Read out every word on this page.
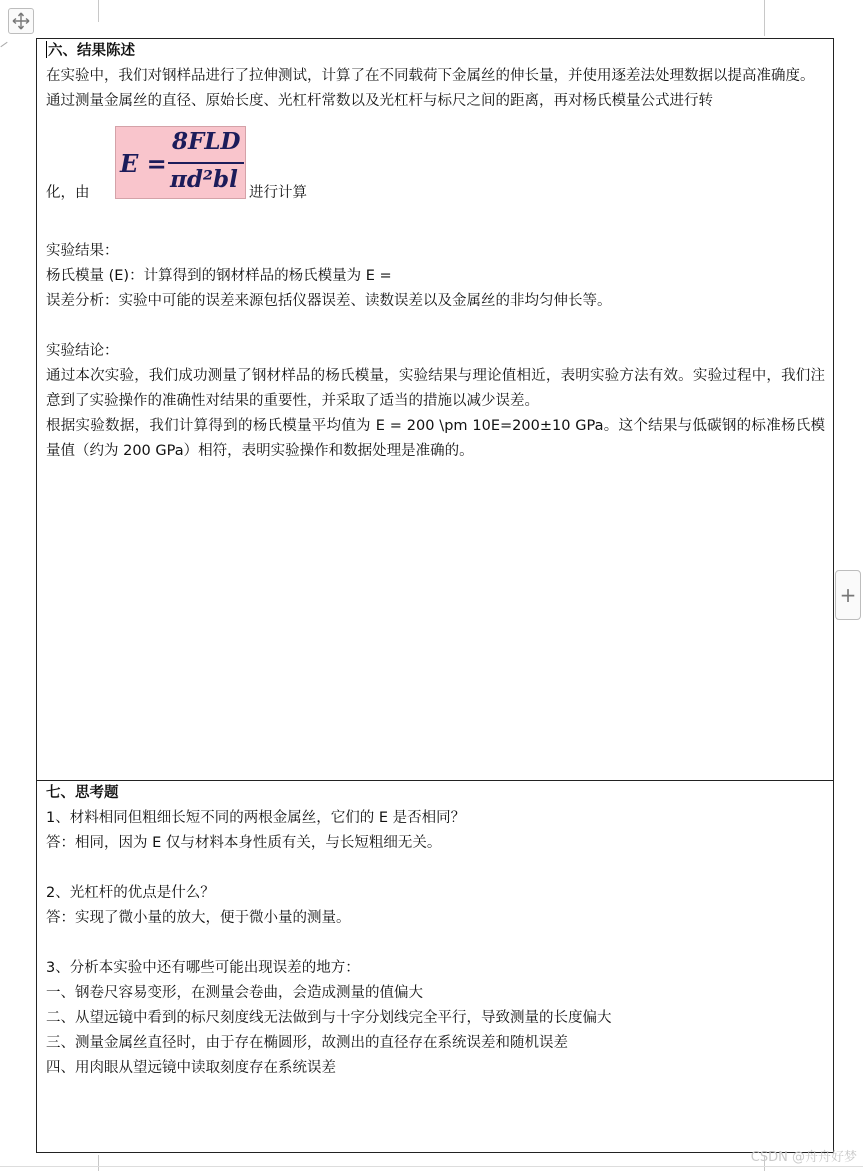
六、结果陈述

在实验中，我们对钢样品进行了拉伸测试，计算了在不同载荷下金属丝的伸长量，并使用逐差法处理数据以提高准确度。

通过测量金属丝的直径、原始长度、光杠杆常数以及光杠杆与标尺之间的距离，再对杨氏模量公式进行转

化，由
E =
8FLD
πd²bl 进行计算

实验结果：

杨氏模量 (E)：计算得到的钢材样品的杨氏模量为 E =

误差分析：实验中可能的误差来源包括仪器误差、读数误差以及金属丝的非均匀伸长等。

实验结论：

通过本次实验，我们成功测量了钢材样品的杨氏模量，实验结果与理论值相近，表明实验方法有效。实验过程中，我们注意到了实验操作的准确性对结果的重要性，并采取了适当的措施以减少误差。

根据实验数据，我们计算得到的杨氏模量平均值为 E = 200 \pm 10E=200±10 GPa。这个结果与低碳钢的标准杨氏模量值（约为 200 GPa）相符，表明实验操作和数据处理是准确的。

七、思考题

1、材料相同但粗细长短不同的两根金属丝，它们的 E 是否相同？

答：相同，因为 E 仅与材料本身性质有关，与长短粗细无关。

2、光杠杆的优点是什么？

答：实现了微小量的放大，便于微小量的测量。

3、分析本实验中还有哪些可能出现误差的地方：

一、钢卷尺容易变形，在测量会卷曲，会造成测量的值偏大

二、从望远镜中看到的标尺刻度线无法做到与十字分划线完全平行，导致测量的长度偏大

三、测量金属丝直径时，由于存在椭圆形，故测出的直径存在系统误差和随机误差

四、用肉眼从望远镜中读取刻度存在系统误差

+
CSDN @舟舟好梦
